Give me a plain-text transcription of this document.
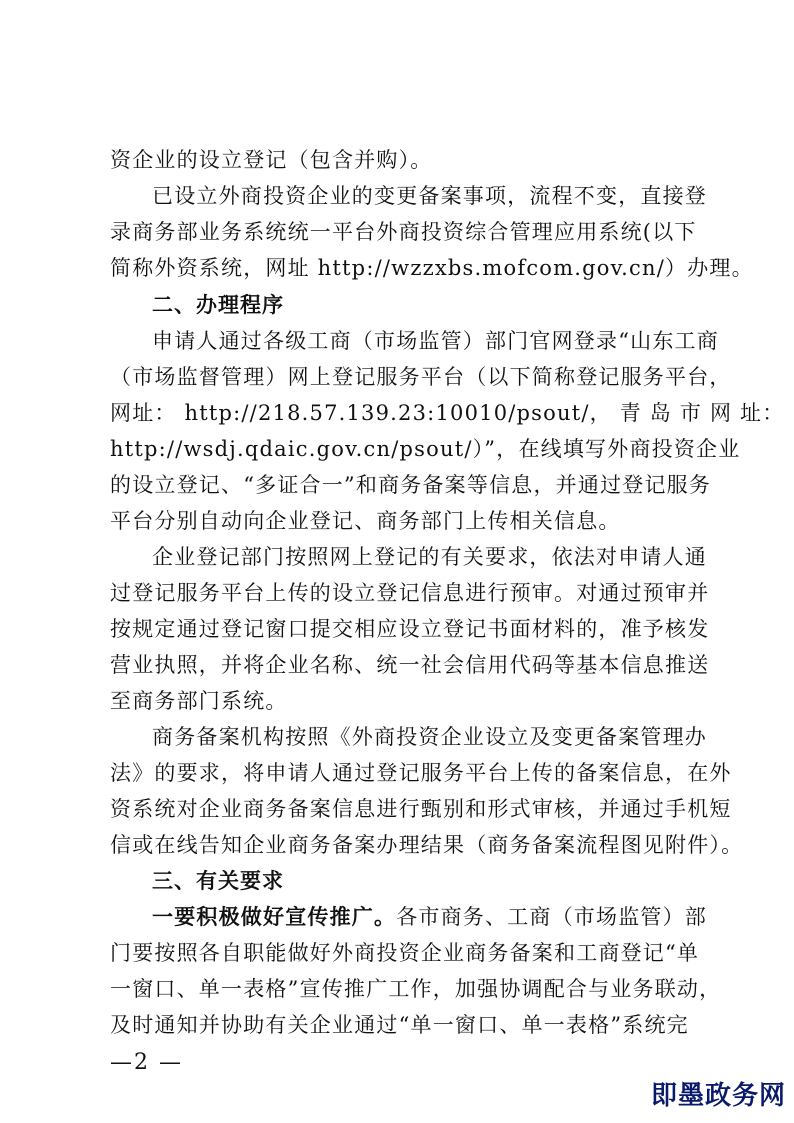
资企业的设立登记（包含并购）。
已设立外商投资企业的变更备案事项，流程不变，直接登
录商务部业务系统统一平台外商投资综合管理应用系统(以下
简称外资系统，网址 http://wzzxbs.mofcom.gov.cn/）办理。
二、办理程序
申请人通过各级工商（市场监管）部门官网登录“山东工商
（市场监督管理）网上登记服务平台（以下简称登记服务平台，
网址： http://218.57.139.23:10010/psout/， 青 岛 市 网 址：
http://wsdj.qdaic.gov.cn/psout/）”，在线填写外商投资企业
的设立登记、“多证合一”和商务备案等信息，并通过登记服务
平台分别自动向企业登记、商务部门上传相关信息。
企业登记部门按照网上登记的有关要求，依法对申请人通
过登记服务平台上传的设立登记信息进行预审。对通过预审并
按规定通过登记窗口提交相应设立登记书面材料的，准予核发
营业执照，并将企业名称、统一社会信用代码等基本信息推送
至商务部门系统。
商务备案机构按照《外商投资企业设立及变更备案管理办
法》的要求，将申请人通过登记服务平台上传的备案信息，在外
资系统对企业商务备案信息进行甄别和形式审核，并通过手机短
信或在线告知企业商务备案办理结果（商务备案流程图见附件）。
三、有关要求
一要积极做好宣传推广。各市商务、工商（市场监管）部
门要按照各自职能做好外商投资企业商务备案和工商登记“单
一窗口、单一表格”宣传推广工作，加强协调配合与业务联动，
及时通知并协助有关企业通过“单一窗口、单一表格”系统完
—2 —
即墨政务网
